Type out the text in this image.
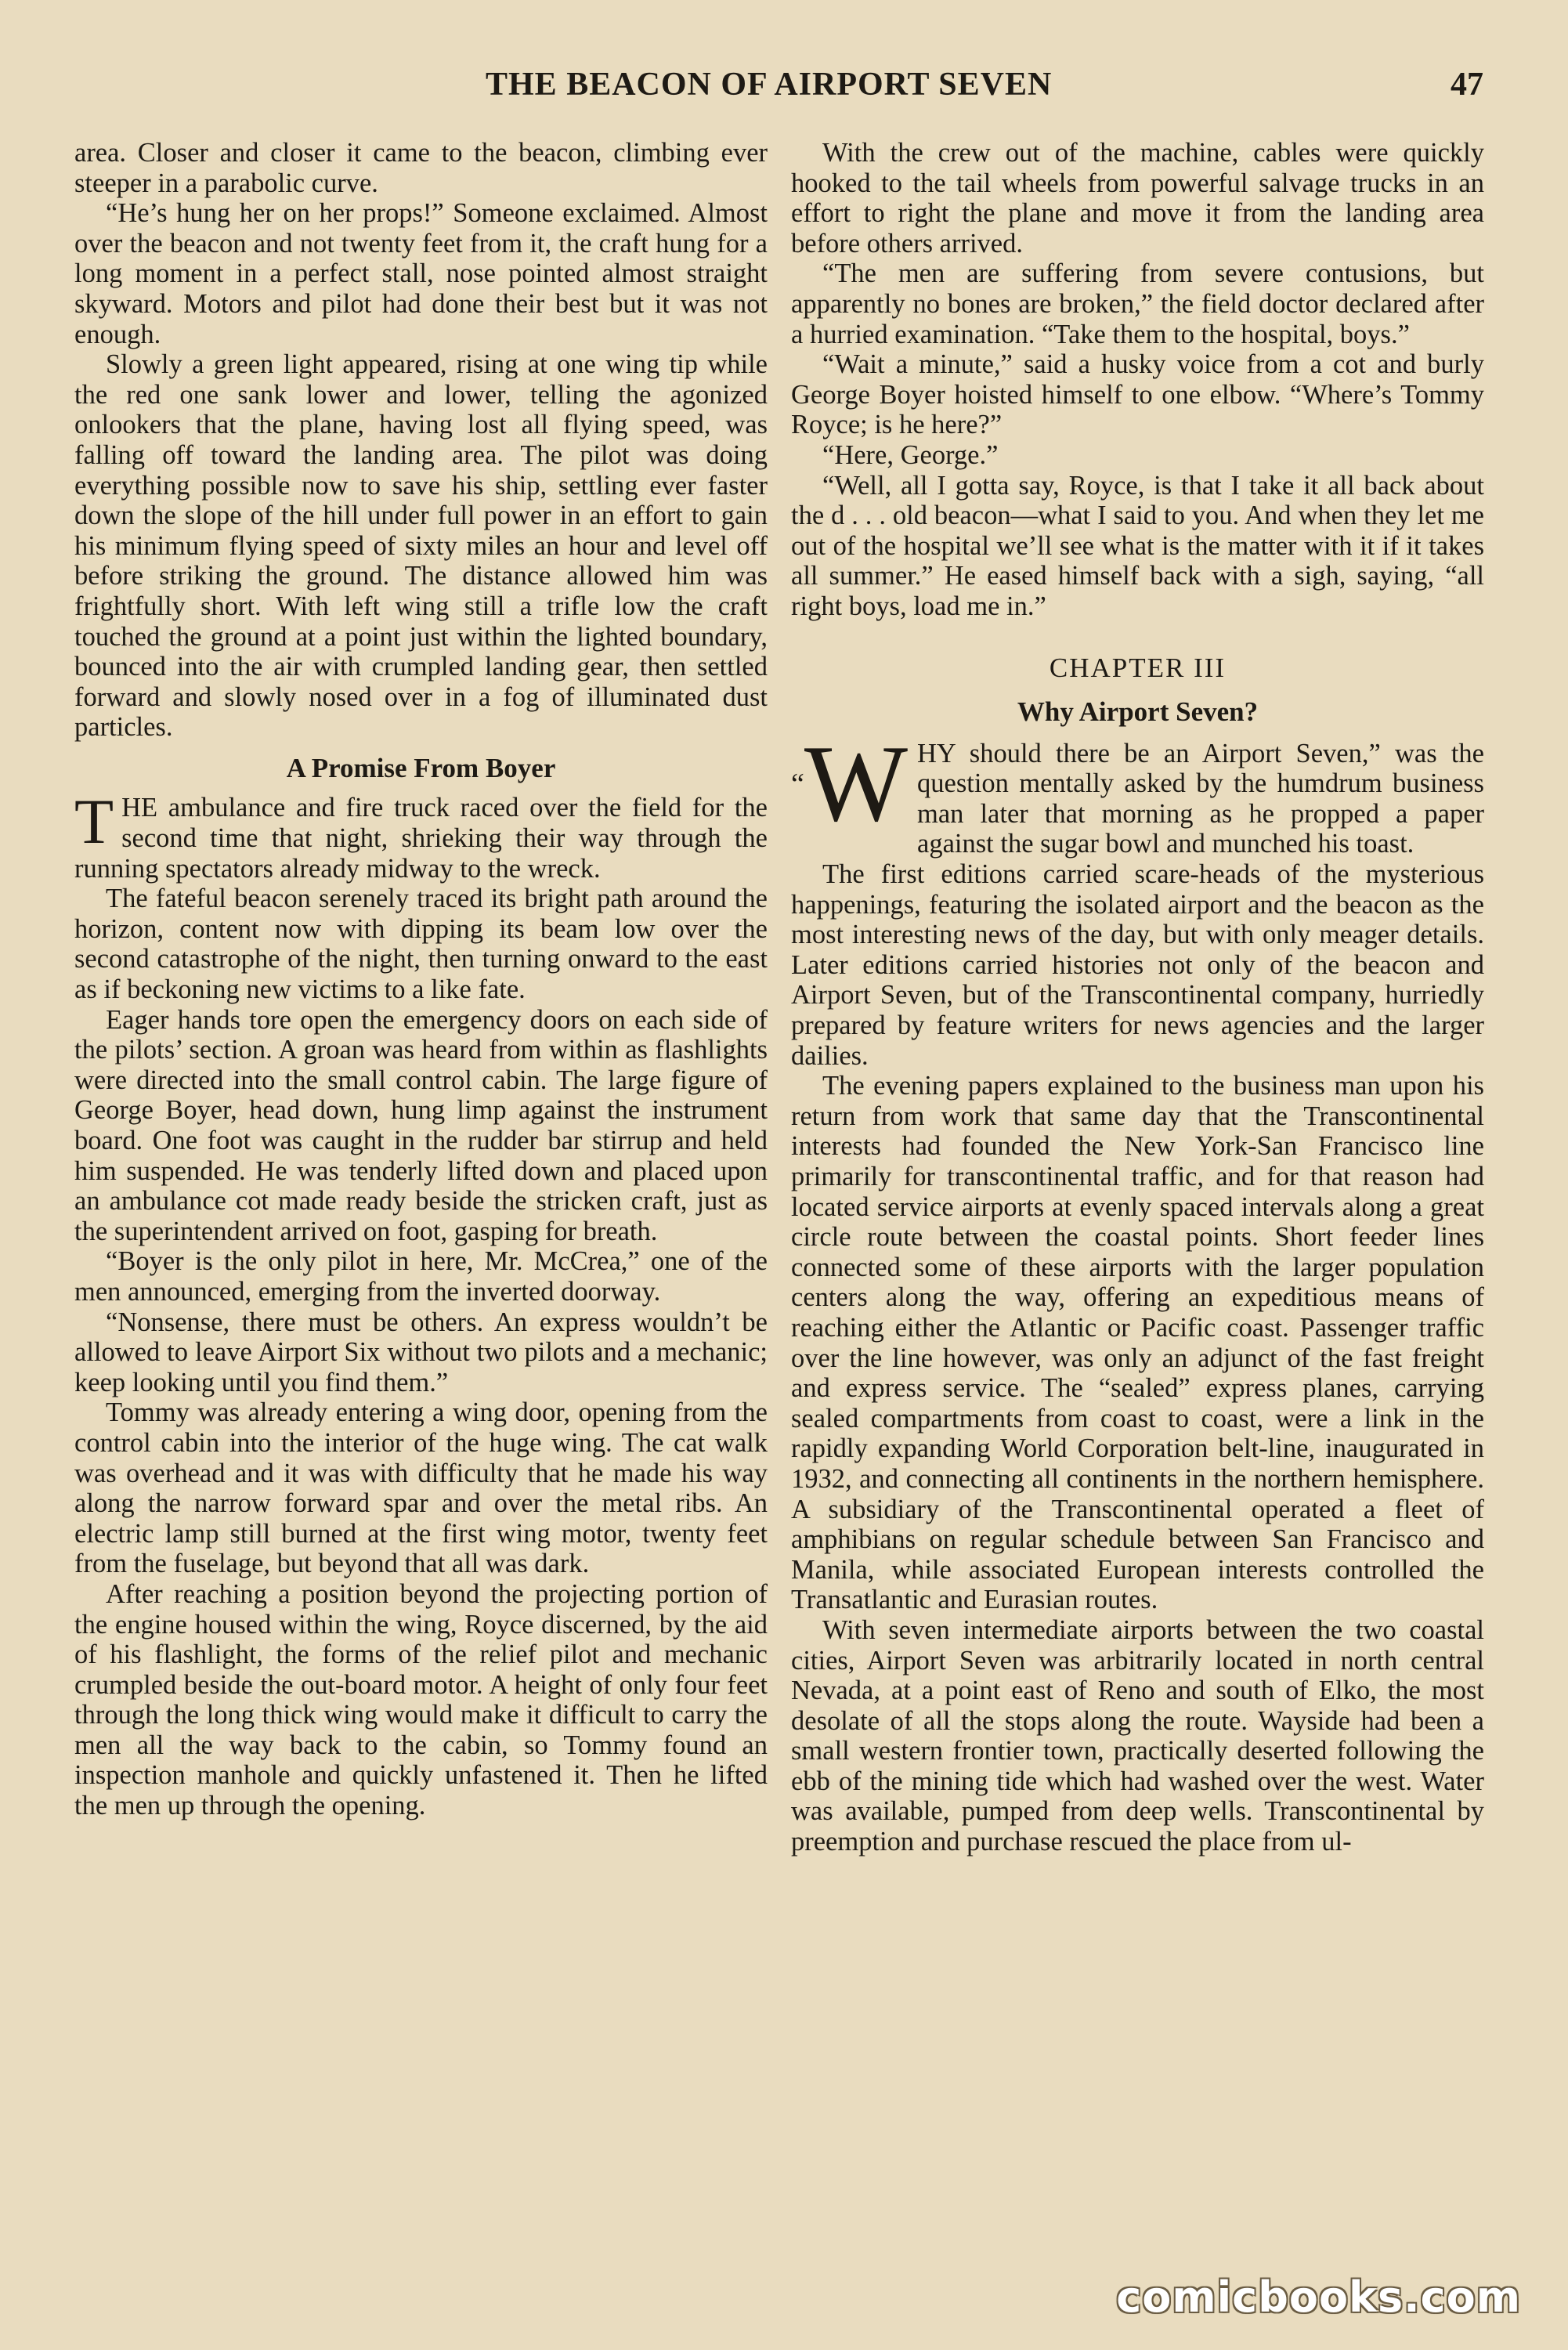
THE BEACON OF AIRPORT SEVEN	47

area. Closer and closer it came to the beacon, climbing ever steeper in a parabolic curve.

“He’s hung her on her props!” Someone exclaimed. Almost over the beacon and not twenty feet from it, the craft hung for a long moment in a perfect stall, nose pointed almost straight skyward. Motors and pilot had done their best but it was not enough.

Slowly a green light appeared, rising at one wing tip while the red one sank lower and lower, telling the agonized onlookers that the plane, having lost all flying speed, was falling off toward the landing area. The pilot was doing everything possible now to save his ship, settling ever faster down the slope of the hill under full power in an effort to gain his minimum flying speed of sixty miles an hour and level off before striking the ground. The distance allowed him was frightfully short. With left wing still a trifle low the craft touched the ground at a point just within the lighted boundary, bounced into the air with crumpled landing gear, then settled forward and slowly nosed over in a fog of illuminated dust particles.

A Promise From Boyer

T HE ambulance and fire truck raced over the field for the second time that night, shrieking their way through the running spectators already midway to the wreck.

The fateful beacon serenely traced its bright path around the horizon, content now with dipping its beam low over the second catastrophe of the night, then turning onward to the east as if beckoning new victims to a like fate.

Eager hands tore open the emergency doors on each side of the pilots’ section. A groan was heard from within as flashlights were directed into the small control cabin. The large figure of George Boyer, head down, hung limp against the instrument board. One foot was caught in the rudder bar stirrup and held him suspended. He was tenderly lifted down and placed upon an ambulance cot made ready beside the stricken craft, just as the superintendent arrived on foot, gasping for breath.

“Boyer is the only pilot in here, Mr. McCrea,” one of the men announced, emerging from the inverted doorway.

“Nonsense, there must be others. An express wouldn’t be allowed to leave Airport Six without two pilots and a mechanic; keep looking until you find them.”

Tommy was already entering a wing door, opening from the control cabin into the interior of the huge wing. The cat walk was overhead and it was with difficulty that he made his way along the narrow forward spar and over the metal ribs. An electric lamp still burned at the first wing motor, twenty feet from the fuselage, but beyond that all was dark.

After reaching a position beyond the projecting portion of the engine housed within the wing, Royce discerned, by the aid of his flashlight, the forms of the relief pilot and mechanic crumpled beside the out-board motor. A height of only four feet through the long thick wing would make it difficult to carry the men all the way back to the cabin, so Tommy found an inspection manhole and quickly unfastened it. Then he lifted the men up through the opening.

With the crew out of the machine, cables were quickly hooked to the tail wheels from powerful salvage trucks in an effort to right the plane and move it from the landing area before others arrived.

“The men are suffering from severe contusions, but apparently no bones are broken,” the field doctor declared after a hurried examination. “Take them to the hospital, boys.”

“Wait a minute,” said a husky voice from a cot and burly George Boyer hoisted himself to one elbow. “Where’s Tommy Royce; is he here?”

“Here, George.”

“Well, all I gotta say, Royce, is that I take it all back about the d . . . old beacon—what I said to you. And when they let me out of the hospital we’ll see what is the matter with it if it takes all summer.” He eased himself back with a sigh, saying, “all right boys, load me in.”

CHAPTER III
Why Airport Seven?

“W HY should there be an Airport Seven,” was the question mentally asked by the humdrum business man later that morning as he propped a paper against the sugar bowl and munched his toast.

The first editions carried scare-heads of the mysterious happenings, featuring the isolated airport and the beacon as the most interesting news of the day, but with only meager details. Later editions carried histories not only of the beacon and Airport Seven, but of the Transcontinental company, hurriedly prepared by feature writers for news agencies and the larger dailies.

The evening papers explained to the business man upon his return from work that same day that the Transcontinental interests had founded the New York-San Francisco line primarily for transcontinental traffic, and for that reason had located service airports at evenly spaced intervals along a great circle route between the coastal points. Short feeder lines connected some of these airports with the larger population centers along the way, offering an expeditious means of reaching either the Atlantic or Pacific coast. Passenger traffic over the line however, was only an adjunct of the fast freight and express service. The “sealed” express planes, carrying sealed compartments from coast to coast, were a link in the rapidly expanding World Corporation belt-line, inaugurated in 1932, and connecting all continents in the northern hemisphere. A subsidiary of the Transcontinental operated a fleet of amphibians on regular schedule between San Francisco and Manila, while associated European interests controlled the Transatlantic and Eurasian routes.

With seven intermediate airports between the two coastal cities, Airport Seven was arbitrarily located in north central Nevada, at a point east of Reno and south of Elko, the most desolate of all the stops along the route. Wayside had been a small western frontier town, practically deserted following the ebb of the mining tide which had washed over the west. Water was available, pumped from deep wells. Transcontinental by preemption and purchase rescued the place from ul-

comicbooks.com
